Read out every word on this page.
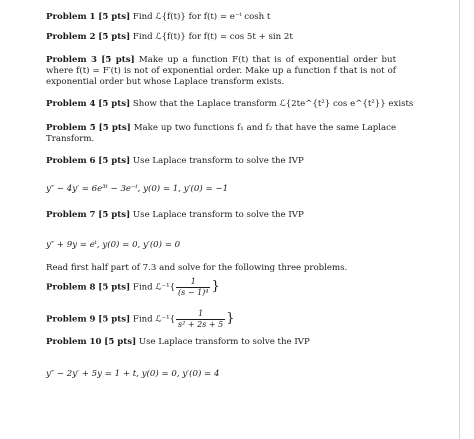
Problem 1 [5 pts] Find ℒ{f(t)} for f(t) = e⁻ᵗ cosh t
Problem 2 [5 pts] Find ℒ{f(t)} for f(t) = cos 5t + sin 2t
Problem 3 [5 pts] Make up a function F(t) that is of exponential order but where f(t) = F′(t) is not of exponential order. Make up a function f that is not of exponential order but whose Laplace transform exists.
Problem 4 [5 pts] Show that the Laplace transform ℒ{2te^{t²} cos e^{t²}} exists
Problem 5 [5 pts] Make up two functions f₁ and f₂ that have the same Laplace Transform.
Problem 6 [5 pts] Use Laplace transform to solve the IVP
y″ − 4y′ = 6e³ᵗ − 3e⁻ᵗ, y(0) = 1, y′(0) = −1
Problem 7 [5 pts] Use Laplace transform to solve the IVP
y″ + 9y = eᵗ, y(0) = 0, y′(0) = 0
Read first half part of 7.3 and solve for the following three problems.
Problem 8 [5 pts] Find ℒ⁻¹{ $\frac{1}{\text{(s − 1)⁴}}$ }
Problem 9 [5 pts] Find ℒ⁻¹{ $\frac{1}{\text{s² + 2s + 5}}$ }
Problem 10 [5 pts] Use Laplace transform to solve the IVP
y″ − 2y′ + 5y = 1 + t, y(0) = 0, y′(0) = 4
